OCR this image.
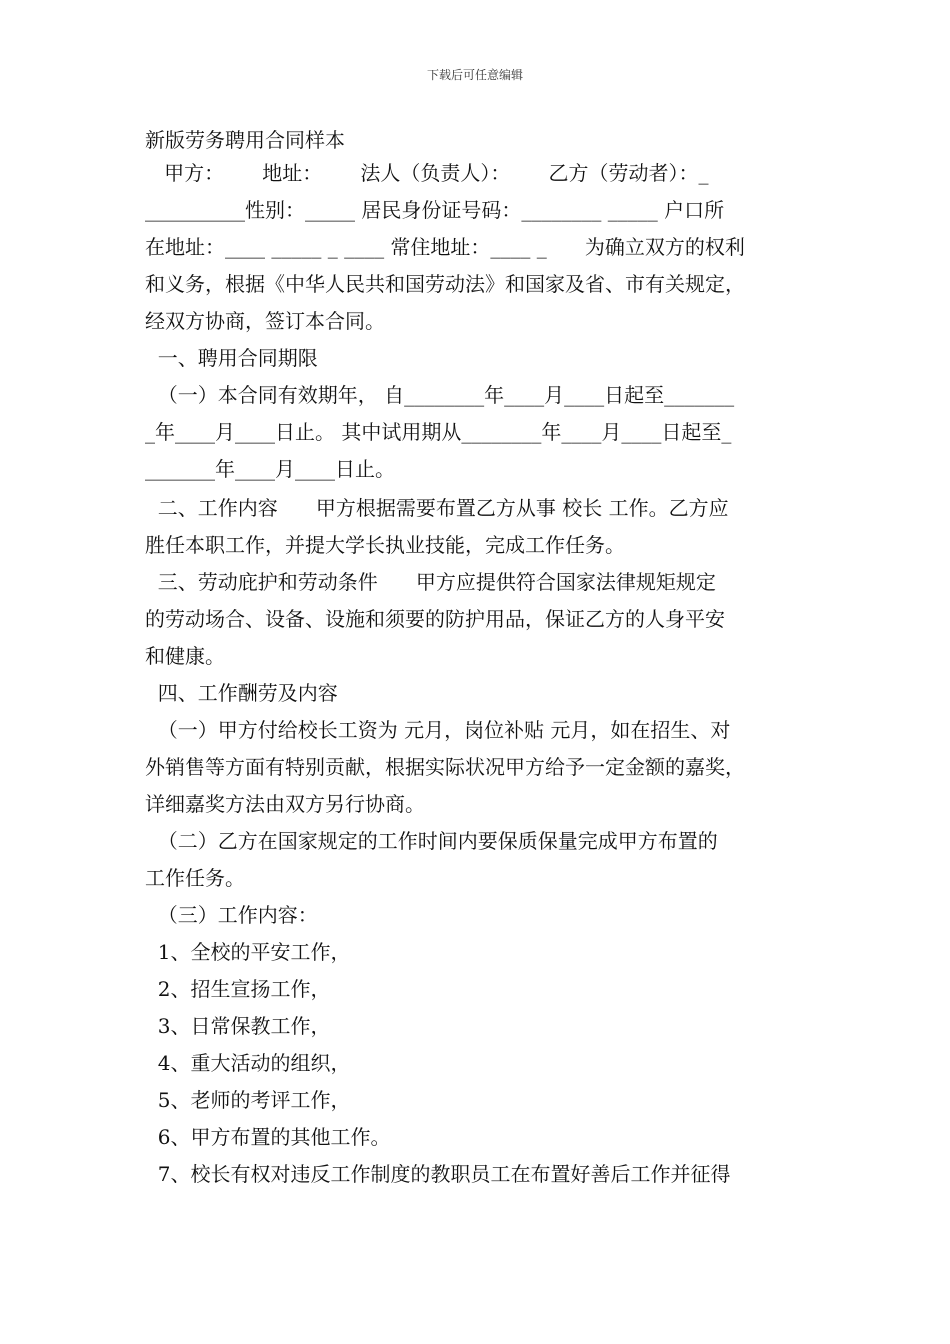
下载后可任意编辑
新版劳务聘用合同样本
甲方：      地址：      法人（负责人）：      乙方（劳动者）：_
__________性别：_____ 居民身份证号码：________ _____ 户口所
在地址：____ _____ _ ____ 常住地址：____ _      为确立双方的权利
和义务，根据《中华人民共和国劳动法》和国家及省、市有关规定，
经双方协商，签订本合同。
一、聘用合同期限
（一）本合同有效期年， 自________年____月____日起至_______
_年____月____日止。 其中试用期从________年____月____日起至_
_______年____月____日止。
二、工作内容      甲方根据需要布置乙方从事 校长 工作。乙方应
胜任本职工作，并提大学长执业技能，完成工作任务。
三、劳动庇护和劳动条件      甲方应提供符合国家法律规矩规定
的劳动场合、设备、设施和须要的防护用品，保证乙方的人身平安
和健康。
四、工作酬劳及内容
（一）甲方付给校长工资为 元月，岗位补贴 元月，如在招生、对
外销售等方面有特别贡献，根据实际状况甲方给予一定金额的嘉奖，
详细嘉奖方法由双方另行协商。
（二）乙方在国家规定的工作时间内要保质保量完成甲方布置的
工作任务。
（三）工作内容：
1、全校的平安工作，
2、招生宣扬工作，
3、日常保教工作，
4、重大活动的组织，
5、老师的考评工作，
6、甲方布置的其他工作。
7、校长有权对违反工作制度的教职员工在布置好善后工作并征得
